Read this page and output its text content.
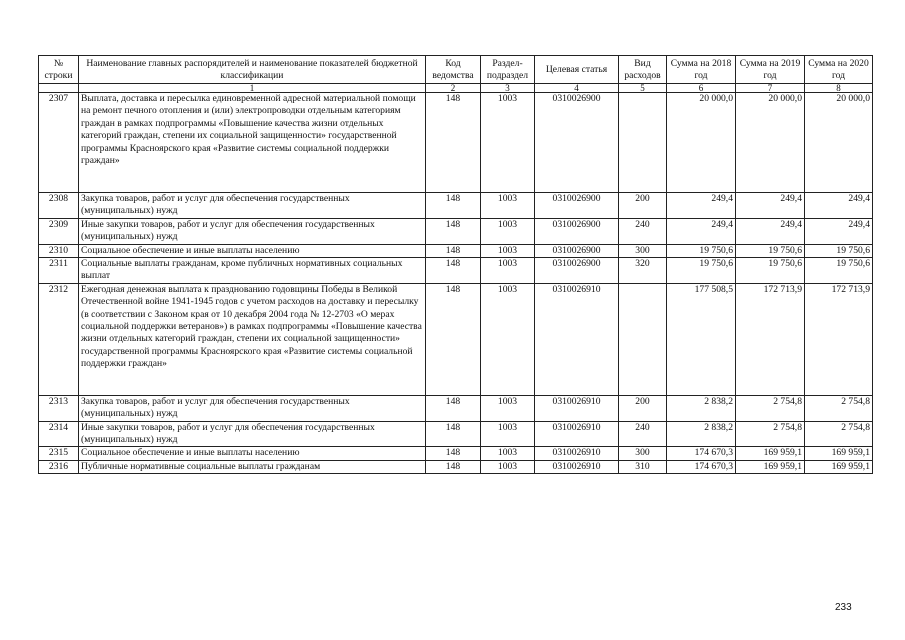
№ строки	Наименование главных распорядителей и наименование показателей бюджетной классификации	Код ведомства	Раздел-подраздел	Целевая статья	Вид расходов	Сумма на 2018 год	Сумма на 2019 год	Сумма на 2020 год
	1	2	3	4	5	6	7	8
2307	Выплата, доставка и пересылка единовременной адресной материальной помощи на ремонт печного отопления и (или) электропроводки отдельным категориям граждан в рамках подпрограммы «Повышение качества жизни отдельных категорий граждан, степени их социальной защищенности» государственной программы Красноярского края «Развитие системы социальной поддержки граждан»	148	1003	0310026900		20 000,0	20 000,0	20 000,0
2308	Закупка товаров, работ и услуг для обеспечения государственных (муниципальных) нужд	148	1003	0310026900	200	249,4	249,4	249,4
2309	Иные закупки товаров, работ и услуг для обеспечения государственных (муниципальных) нужд	148	1003	0310026900	240	249,4	249,4	249,4
2310	Социальное обеспечение и иные выплаты населению	148	1003	0310026900	300	19 750,6	19 750,6	19 750,6
2311	Социальные выплаты гражданам, кроме публичных нормативных социальных выплат	148	1003	0310026900	320	19 750,6	19 750,6	19 750,6
2312	Ежегодная денежная выплата к празднованию годовщины Победы в Великой Отечественной войне 1941-1945 годов с учетом расходов на доставку и пересылку (в соответствии с Законом края от 10 декабря 2004 года № 12-2703 «О мерах социальной поддержки ветеранов») в рамках подпрограммы «Повышение качества жизни отдельных категорий граждан, степени их социальной защищенности» государственной программы Красноярского края «Развитие системы социальной поддержки граждан»	148	1003	0310026910		177 508,5	172 713,9	172 713,9
2313	Закупка товаров, работ и услуг для обеспечения государственных (муниципальных) нужд	148	1003	0310026910	200	2 838,2	2 754,8	2 754,8
2314	Иные закупки товаров, работ и услуг для обеспечения государственных (муниципальных) нужд	148	1003	0310026910	240	2 838,2	2 754,8	2 754,8
2315	Социальное обеспечение и иные выплаты населению	148	1003	0310026910	300	174 670,3	169 959,1	169 959,1
2316	Публичные нормативные социальные выплаты гражданам	148	1003	0310026910	310	174 670,3	169 959,1	169 959,1
233
